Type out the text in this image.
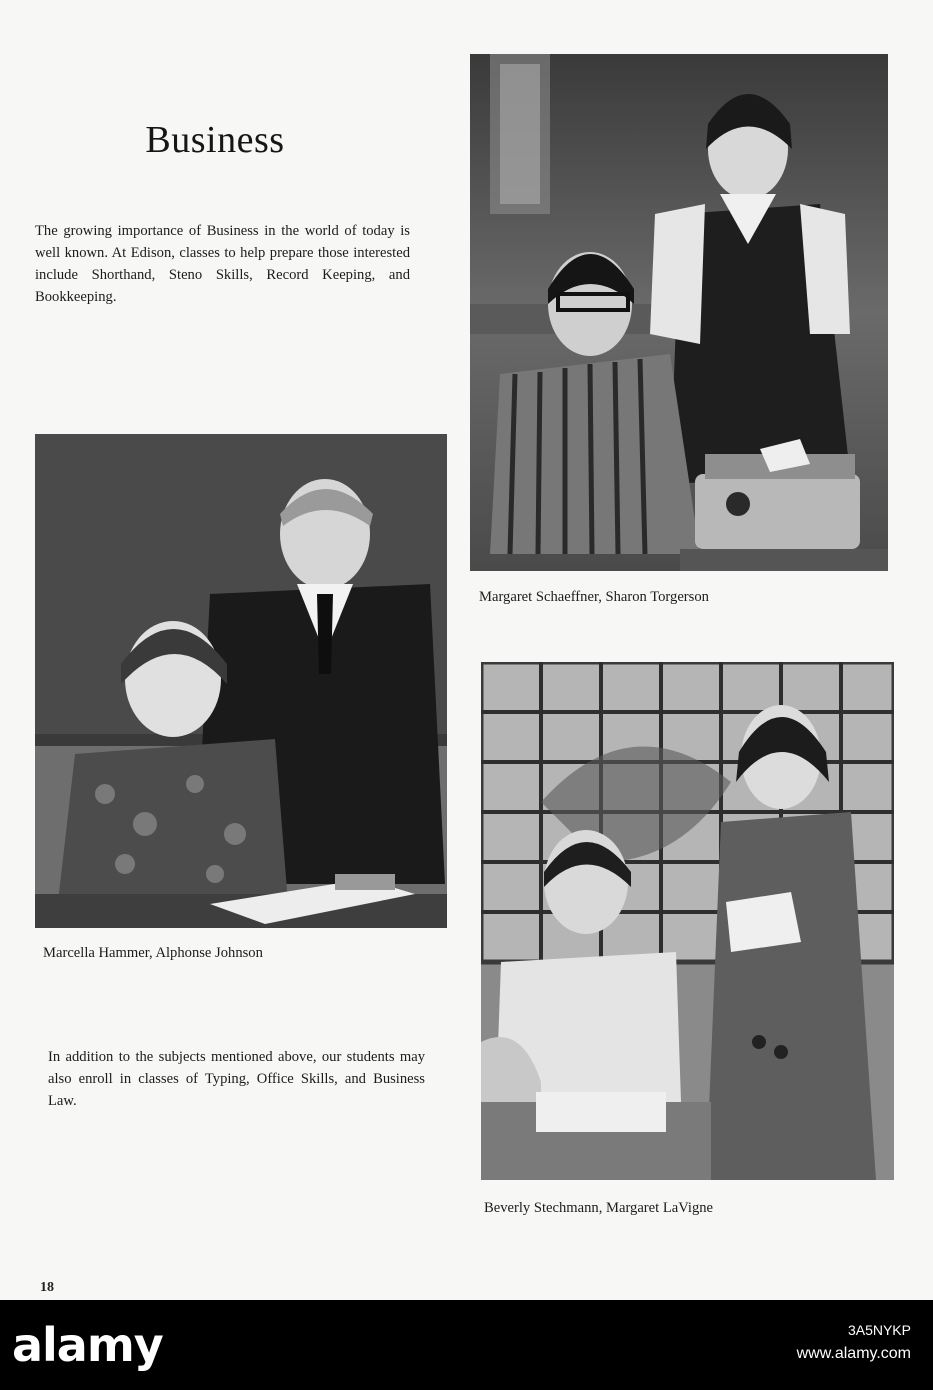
Business

The growing importance of Business in the world of today is well known. At Edison, classes to help prepare those interested include Shorthand, Steno Skills, Record Keeping, and Bookkeeping.

Margaret Schaeffner, Sharon Torgerson
Marcella Hammer, Alphonse Johnson

In addition to the subjects mentioned above, our students may also enroll in classes of Typing, Office Skills, and Business Law.

Beverly Stechmann, Margaret LaVigne
18
alamy	3A5NYKP
www.alamy.com
